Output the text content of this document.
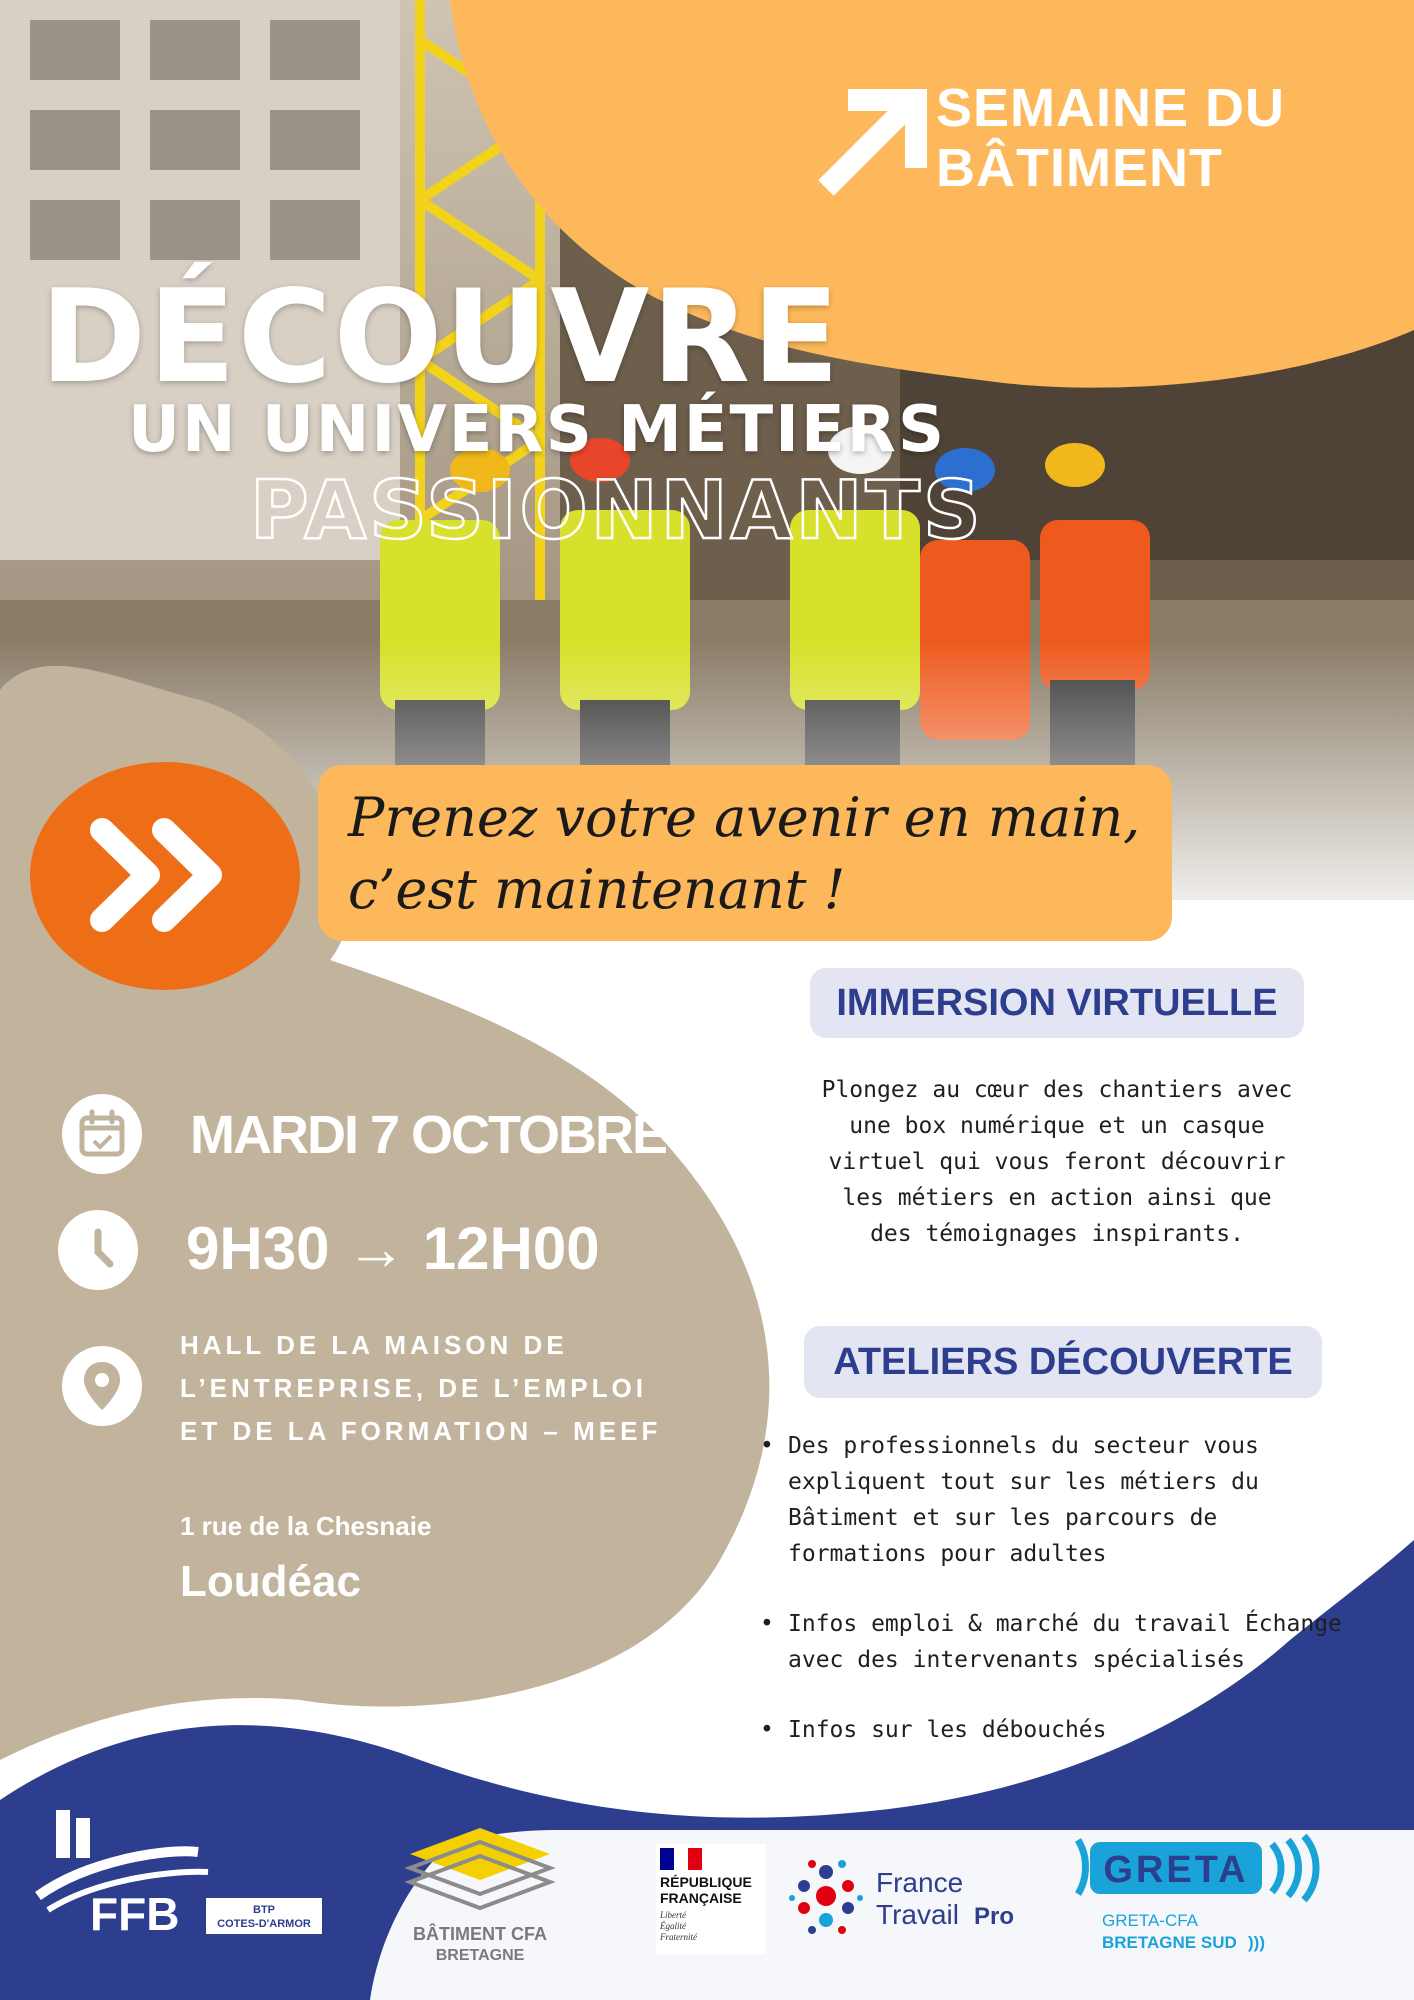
SEMAINE DU
BÂTIMENT
DÉCOUVRE
UN UNIVERS MÉTIERS
PASSIONNANTS
Prenez votre avenir en main, c’est maintenant !
IMMERSION VIRTUELLE
Plongez au cœur des chantiers avec une box numérique et un casque virtuel qui vous feront découvrir les métiers en action ainsi que des témoignages inspirants.
ATELIERS DÉCOUVERTE
• Des professionnels du secteur vous expliquent tout sur les métiers du Bâtiment et sur les parcours de formations pour adultes
• Infos emploi & marché du travail Échange avec des intervenants spécialisés
• Infos sur les débouchés
MARDI 7 OCTOBRE
9H30 → 12H00
HALL DE LA MAISON DE L’ENTREPRISE, DE L’EMPLOI ET DE LA FORMATION – MEEF
1 rue de la Chesnaie
Loudéac
FFB	BTP
COTES-D'ARMOR	BÂTIMENT CFA
BRETAGNE
RÉPUBLIQUE
FRANÇAISE
Liberté
Égalité
Fraternité
France
Travail Pro
GRETA
GRETA-CFA
BRETAGNE SUD )))
